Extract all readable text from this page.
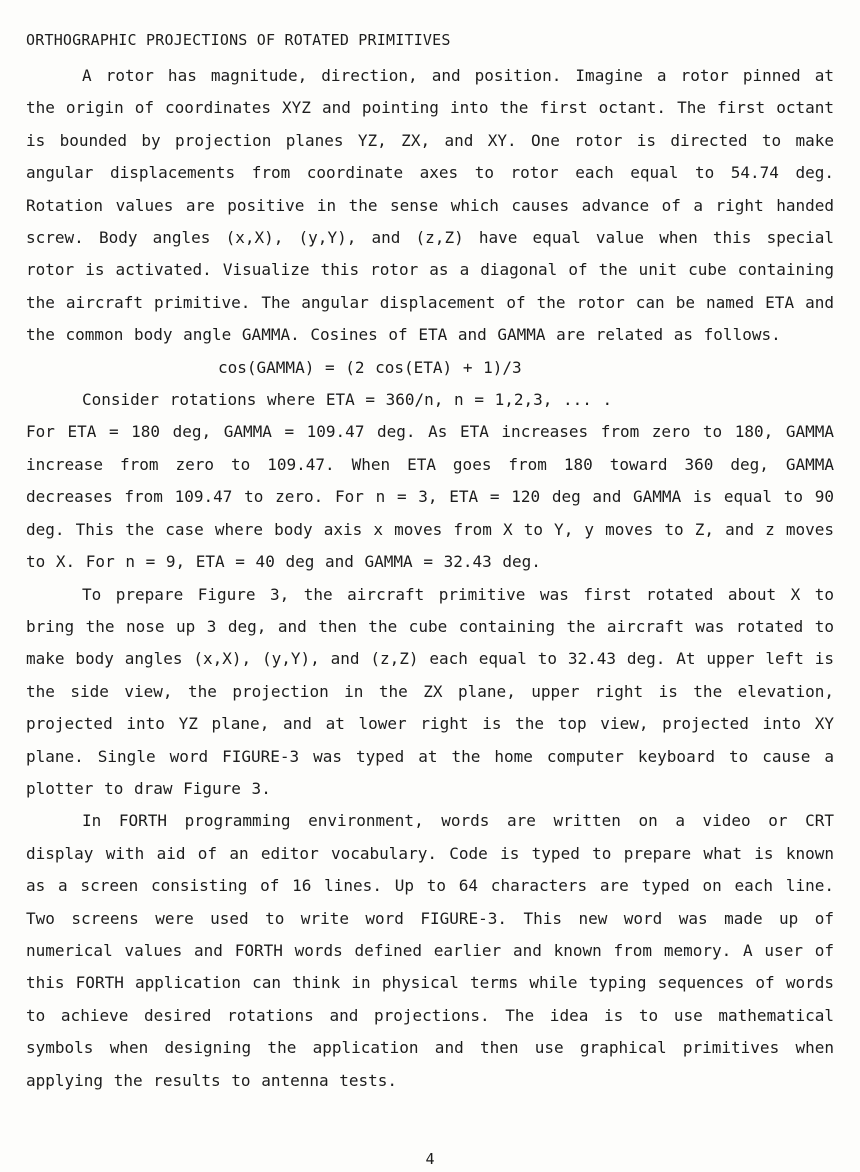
ORTHOGRAPHIC PROJECTIONS OF ROTATED PRIMITIVES

A rotor has magnitude, direction, and position. Imagine a rotor pinned at the origin of coordinates XYZ and pointing into the first octant. The first octant is bounded by projection planes YZ, ZX, and XY. One rotor is directed to make angular displacements from coordinate axes to rotor each equal to 54.74 deg. Rotation values are positive in the sense which causes advance of a right handed screw. Body angles (x,X), (y,Y), and (z,Z) have equal value when this special rotor is activated. Visualize this rotor as a diagonal of the unit cube containing the aircraft primitive. The angular displacement of the rotor can be named ETA and the common body angle GAMMA. Cosines of ETA and GAMMA are related as follows.

cos(GAMMA) = (2 cos(ETA) + 1)/3

Consider rotations where ETA = 360/n, n = 1,2,3, ... .

For ETA = 180 deg, GAMMA = 109.47 deg. As ETA increases from zero to 180, GAMMA increase from zero to 109.47. When ETA goes from 180 toward 360 deg, GAMMA decreases from 109.47 to zero. For n = 3, ETA = 120 deg and GAMMA is equal to 90 deg. This the case where body axis x moves from X to Y, y moves to Z, and z moves to X. For n = 9, ETA = 40 deg and GAMMA = 32.43 deg.

To prepare Figure 3, the aircraft primitive was first rotated about X to bring the nose up 3 deg, and then the cube containing the aircraft was rotated to make body angles (x,X), (y,Y), and (z,Z) each equal to 32.43 deg. At upper left is the side view, the projection in the ZX plane, upper right is the elevation, projected into YZ plane, and at lower right is the top view, projected into XY plane. Single word FIGURE-3 was typed at the home computer keyboard to cause a plotter to draw Figure 3.

In FORTH programming environment, words are written on a video or CRT display with aid of an editor vocabulary. Code is typed to prepare what is known as a screen consisting of 16 lines. Up to 64 characters are typed on each line. Two screens were used to write word FIGURE-3. This new word was made up of numerical values and FORTH words defined earlier and known from memory. A user of this FORTH application can think in physical terms while typing sequences of words to achieve desired rotations and projections. The idea is to use mathematical symbols when designing the application and then use graphical primitives when applying the results to antenna tests.

4
